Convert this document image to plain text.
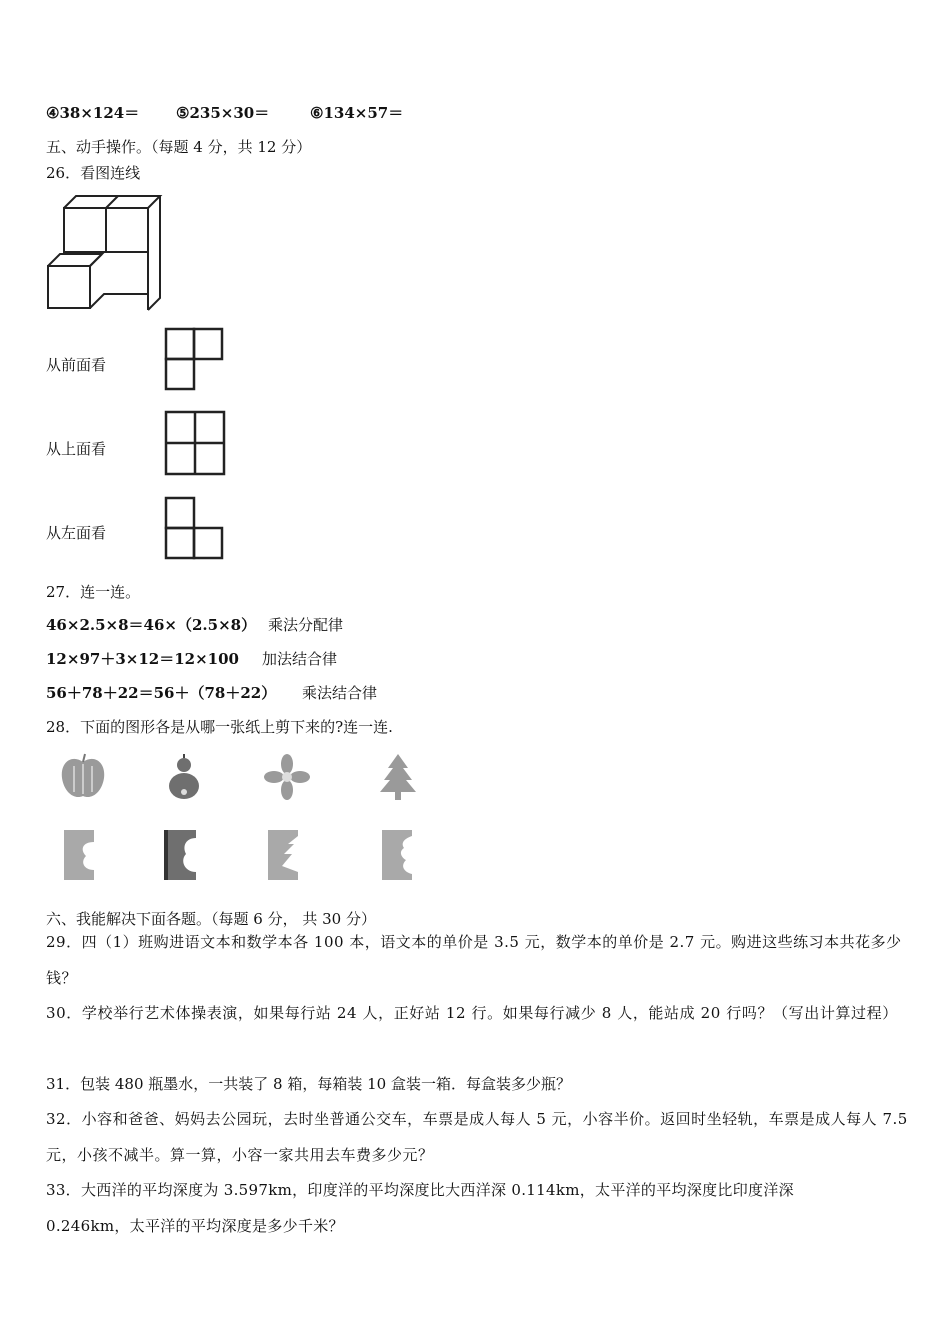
④38×124＝ ⑤235×30＝	⑥134×57＝
五、动手操作。（每题 4 分，共 12 分）
26．看图连线
从前面看
从上面看
从左面看
27．连一连。
46×2.5×8＝46×（2.5×8） 乘法分配律
12×97＋3×12＝12×100 加法结合律
56＋78＋22＝56＋（78＋22） 乘法结合律
28．下面的图形各是从哪一张纸上剪下来的?连一连.
六、我能解决下面各题。（每题 6 分， 共 30 分）
29．四（1）班购进语文本和数学本各 100 本，语文本的单价是 3.5 元，数学本的单价是 2.7 元。购进这些练习本共花多少钱？
30．学校举行艺术体操表演，如果每行站 24 人，正好站 12 行。如果每行减少 8 人，能站成 20 行吗？（写出计算过程）
31．包装 480 瓶墨水，一共装了 8 箱，每箱装 10 盒装一箱．每盒装多少瓶？
32．小容和爸爸、妈妈去公园玩，去时坐普通公交车，车票是成人每人 5 元，小容半价。返回时坐轻轨，车票是成人每人 7.5 元，小孩不减半。算一算，小容一家共用去车费多少元？
33．大西洋的平均深度为 3.597km，印度洋的平均深度比大西洋深 0.114km，太平洋的平均深度比印度洋深 0.246km，太平洋的平均深度是多少千米？
